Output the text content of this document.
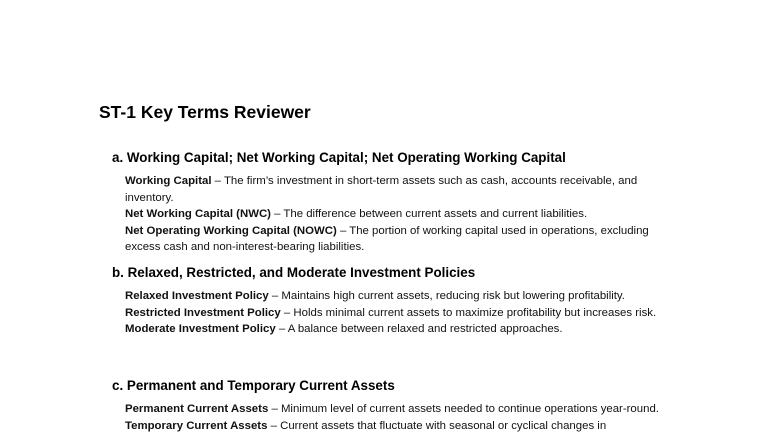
ST-1 Key Terms Reviewer
a. Working Capital; Net Working Capital; Net Operating Working Capital

Working Capital – The firm’s investment in short-term assets such as cash, accounts receivable, and inventory.

Net Working Capital (NWC) – The difference between current assets and current liabilities.

Net Operating Working Capital (NOWC) – The portion of working capital used in operations, excluding excess cash and non-interest-bearing liabilities.

b. Relaxed, Restricted, and Moderate Investment Policies

Relaxed Investment Policy – Maintains high current assets, reducing risk but lowering profitability.

Restricted Investment Policy – Holds minimal current assets to maximize profitability but increases risk.

Moderate Investment Policy – A balance between relaxed and restricted approaches.

c. Permanent and Temporary Current Assets

Permanent Current Assets – Minimum level of current assets needed to continue operations year-round.

Temporary Current Assets – Current assets that fluctuate with seasonal or cyclical changes in
